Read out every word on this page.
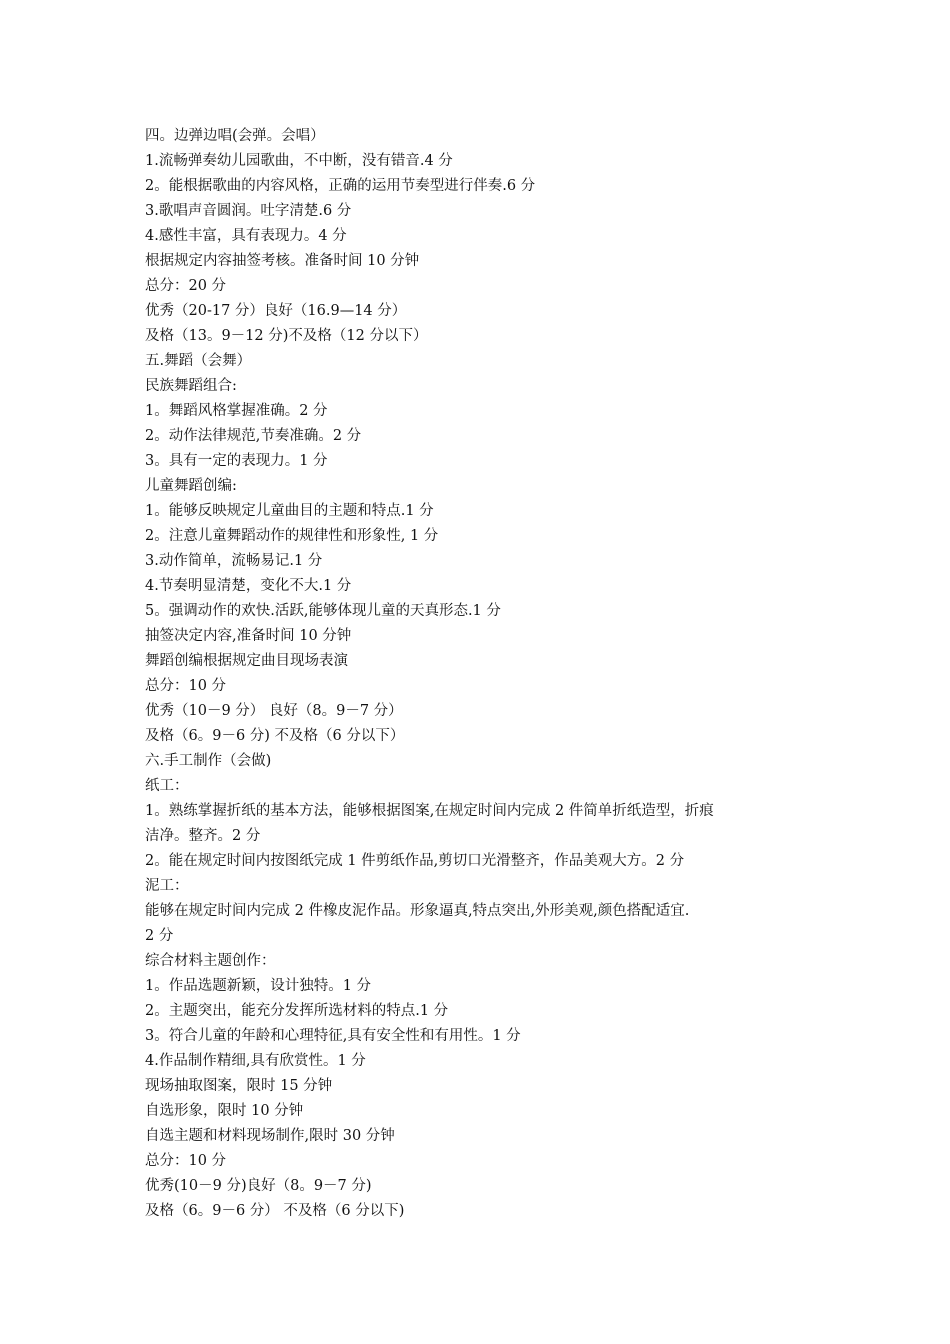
四。边弹边唱(会弹。会唱）
1.流畅弹奏幼儿园歌曲，不中断，没有错音.4 分
2。能根据歌曲的内容风格，正确的运用节奏型进行伴奏.6 分
3.歌唱声音圆润。吐字清楚.6 分
4.感性丰富，具有表现力。4 分
根据规定内容抽签考核。准备时间 10 分钟
总分：20 分
优秀（20-17 分）良好（16.9—14 分）
及格（13。9－12 分)不及格（12 分以下）
五.舞蹈（会舞）
民族舞蹈组合:
1。舞蹈风格掌握准确。2 分
2。动作法律规范,节奏准确。2 分
3。具有一定的表现力。1 分
儿童舞蹈创编:
1。能够反映规定儿童曲目的主题和特点.1 分
2。注意儿童舞蹈动作的规律性和形象性, 1 分
3.动作简单，流畅易记.1 分
4.节奏明显清楚，变化不大.1 分
5。强调动作的欢快.活跃,能够体现儿童的天真形态.1 分
抽签决定内容,准备时间 10 分钟
舞蹈创编根据规定曲目现场表演
总分：10 分
优秀（10－9 分） 良好（8。9－7 分）
及格（6。9－6 分) 不及格（6 分以下）
六.手工制作（会做)
纸工：
1。熟练掌握折纸的基本方法，能够根据图案,在规定时间内完成 2 件简单折纸造型，折痕
洁净。整齐。2 分
2。能在规定时间内按图纸完成 1 件剪纸作品,剪切口光滑整齐，作品美观大方。2 分
泥工：
能够在规定时间内完成 2 件橡皮泥作品。形象逼真,特点突出,外形美观,颜色搭配适宜.
2 分
综合材料主题创作：
1。作品选题新颖，设计独特。1 分
2。主题突出，能充分发挥所选材料的特点.1 分
3。符合儿童的年龄和心理特征,具有安全性和有用性。1 分
4.作品制作精细,具有欣赏性。1 分
现场抽取图案，限时 15 分钟
自选形象，限时 10 分钟
自选主题和材料现场制作,限时 30 分钟
总分：10 分
优秀(10－9 分)良好（8。9－7 分)
及格（6。9－6 分） 不及格（6 分以下)
